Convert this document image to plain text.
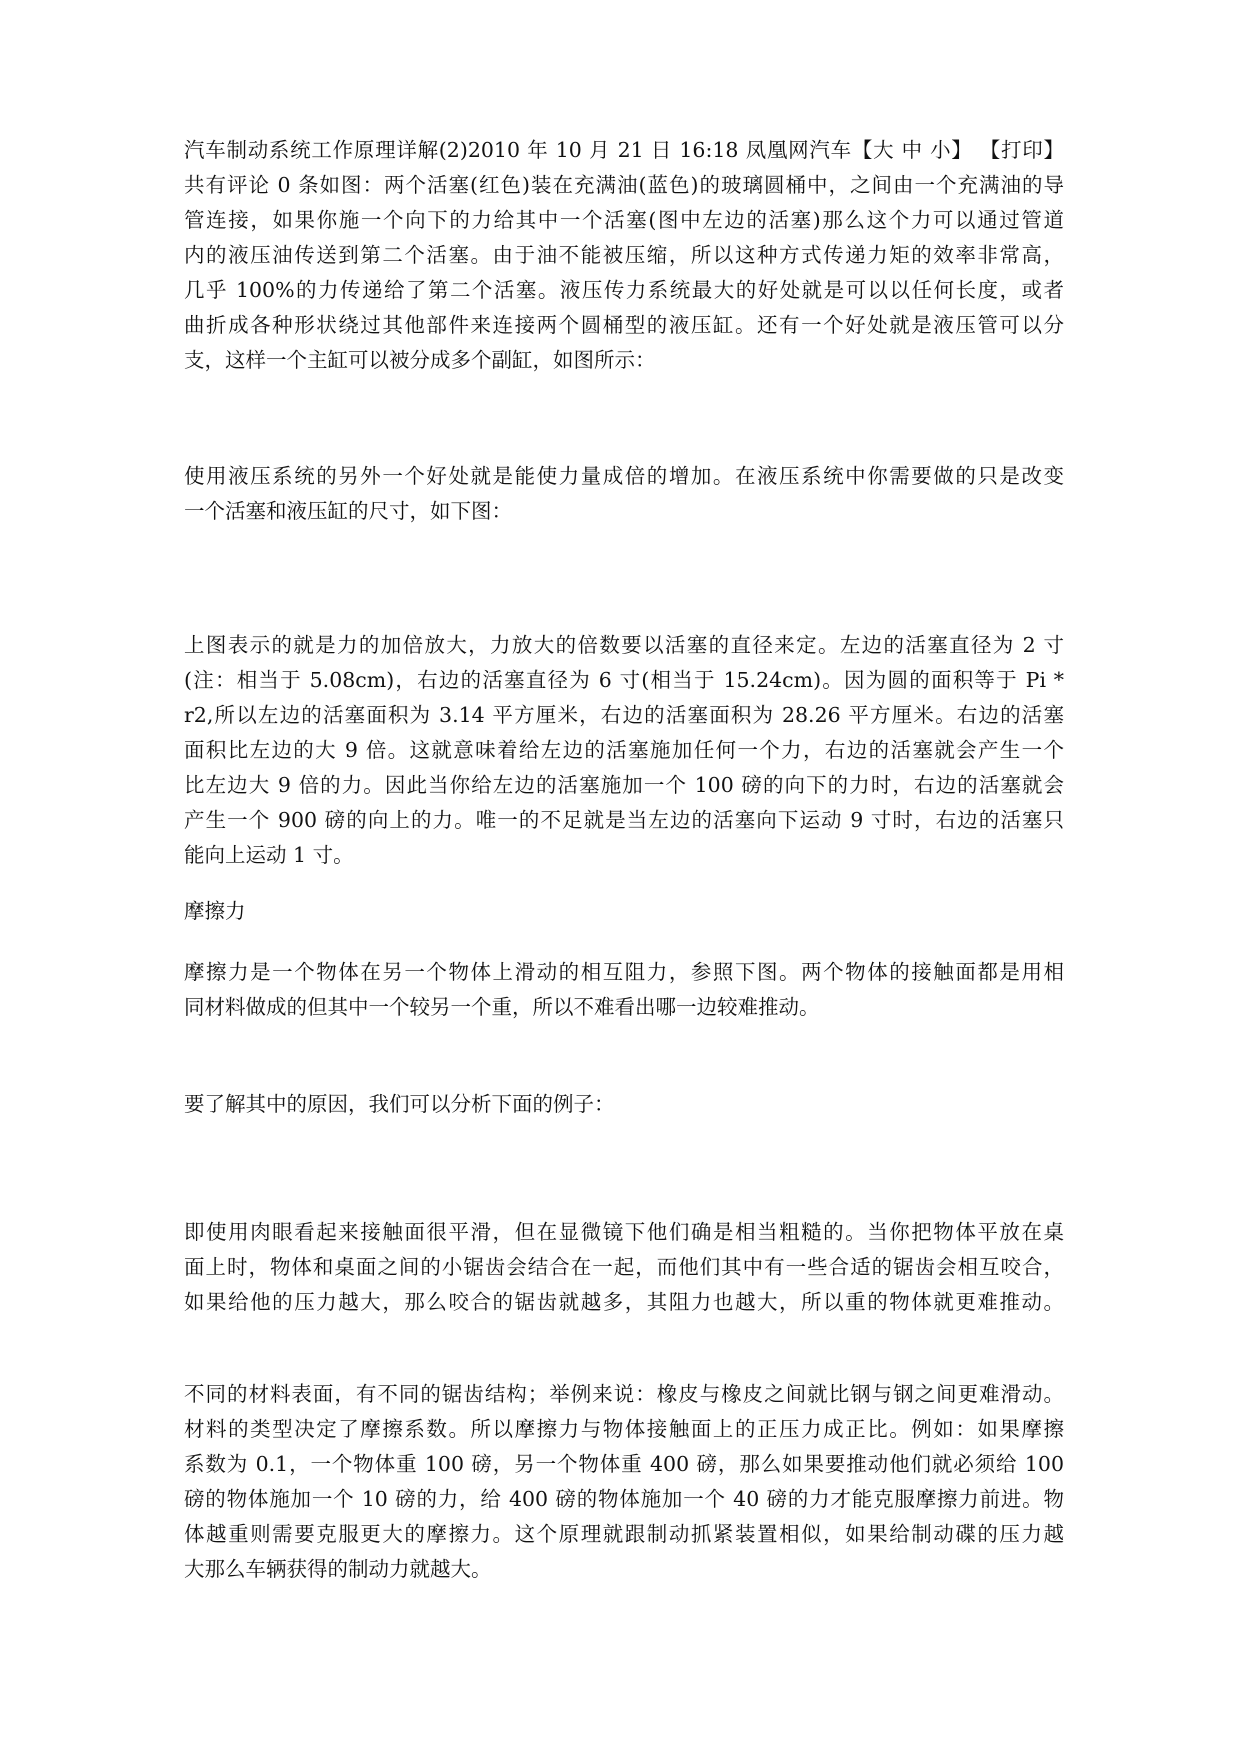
汽车制动系统工作原理详解(2)2010 年 10 月 21 日 16:18 凤凰网汽车【大 中 小】 【打印】
共有评论 0 条如图：两个活塞(红色)装在充满油(蓝色)的玻璃圆桶中，之间由一个充满油的导
管连接，如果你施一个向下的力给其中一个活塞(图中左边的活塞)那么这个力可以通过管道
内的液压油传送到第二个活塞。由于油不能被压缩，所以这种方式传递力矩的效率非常高，
几乎 100%的力传递给了第二个活塞。液压传力系统最大的好处就是可以以任何长度，或者
曲折成各种形状绕过其他部件来连接两个圆桶型的液压缸。还有一个好处就是液压管可以分
支，这样一个主缸可以被分成多个副缸，如图所示：
使用液压系统的另外一个好处就是能使力量成倍的增加。在液压系统中你需要做的只是改变
一个活塞和液压缸的尺寸，如下图：
上图表示的就是力的加倍放大，力放大的倍数要以活塞的直径来定。左边的活塞直径为 2 寸
(注：相当于 5.08cm)，右边的活塞直径为 6 寸(相当于 15.24cm)。因为圆的面积等于 Pi *
r2,所以左边的活塞面积为 3.14 平方厘米，右边的活塞面积为 28.26 平方厘米。右边的活塞
面积比左边的大 9 倍。这就意味着给左边的活塞施加任何一个力，右边的活塞就会产生一个
比左边大 9 倍的力。因此当你给左边的活塞施加一个 100 磅的向下的力时，右边的活塞就会
产生一个 900 磅的向上的力。唯一的不足就是当左边的活塞向下运动 9 寸时，右边的活塞只
能向上运动 1 寸。
摩擦力
摩擦力是一个物体在另一个物体上滑动的相互阻力，参照下图。两个物体的接触面都是用相
同材料做成的但其中一个较另一个重，所以不难看出哪一边较难推动。
要了解其中的原因，我们可以分析下面的例子：
即使用肉眼看起来接触面很平滑，但在显微镜下他们确是相当粗糙的。当你把物体平放在桌
面上时，物体和桌面之间的小锯齿会结合在一起，而他们其中有一些合适的锯齿会相互咬合，
如果给他的压力越大，那么咬合的锯齿就越多，其阻力也越大，所以重的物体就更难推动。
不同的材料表面，有不同的锯齿结构；举例来说：橡皮与橡皮之间就比钢与钢之间更难滑动。
材料的类型决定了摩擦系数。所以摩擦力与物体接触面上的正压力成正比。例如：如果摩擦
系数为 0.1，一个物体重 100 磅，另一个物体重 400 磅，那么如果要推动他们就必须给 100
磅的物体施加一个 10 磅的力，给 400 磅的物体施加一个 40 磅的力才能克服摩擦力前进。物
体越重则需要克服更大的摩擦力。这个原理就跟制动抓紧装置相似，如果给制动碟的压力越
大那么车辆获得的制动力就越大。
